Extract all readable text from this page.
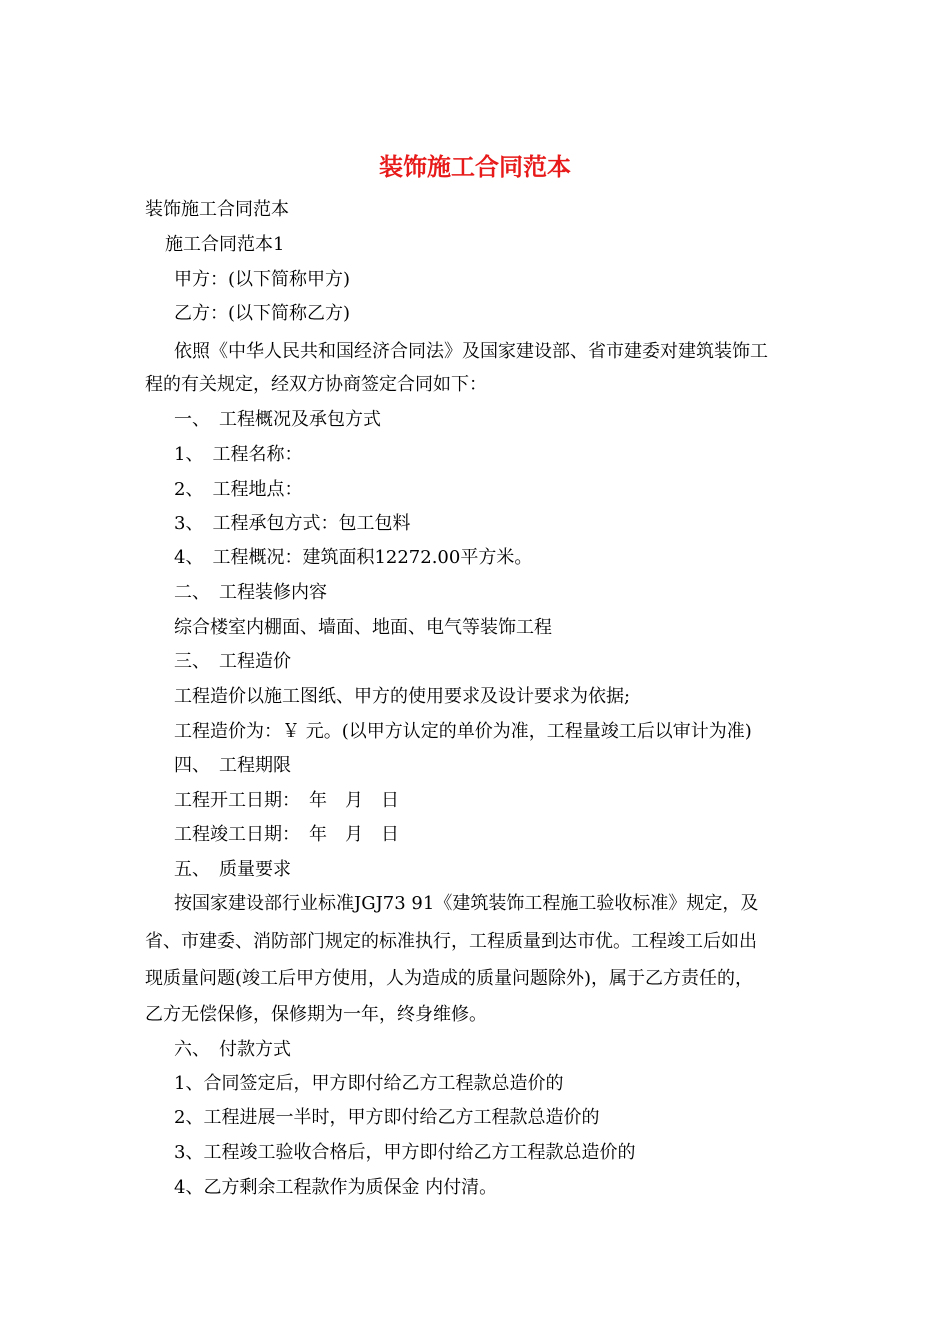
装饰施工合同范本
装饰施工合同范本
施工合同范本1
甲方：(以下简称甲方)
乙方：(以下简称乙方)
依照《中华人民共和国经济合同法》及国家建设部、省市建委对建筑装饰工
程的有关规定，经双方协商签定合同如下：
一、　工程概况及承包方式
1、　工程名称：
2、　工程地点：
3、　工程承包方式：包工包料
4、　工程概况：建筑面积12272.00平方米。
二、　工程装修内容
综合楼室内棚面、墙面、地面、电气等装饰工程
三、　工程造价
工程造价以施工图纸、甲方的使用要求及设计要求为依据;
工程造价为：￥ 元。(以甲方认定的单价为准，工程量竣工后以审计为准)
四、　工程期限
工程开工日期：　年　月　日
工程竣工日期：　年　月　日
五、　质量要求
按国家建设部行业标准JGJ73 91《建筑装饰工程施工验收标准》规定，及
省、市建委、消防部门规定的标准执行，工程质量到达市优。工程竣工后如出
现质量问题(竣工后甲方使用，人为造成的质量问题除外)，属于乙方责任的，
乙方无偿保修，保修期为一年，终身维修。
六、　付款方式
1、合同签定后，甲方即付给乙方工程款总造价的
2、工程进展一半时，甲方即付给乙方工程款总造价的
3、工程竣工验收合格后，甲方即付给乙方工程款总造价的
4、乙方剩余工程款作为质保金 内付清。
